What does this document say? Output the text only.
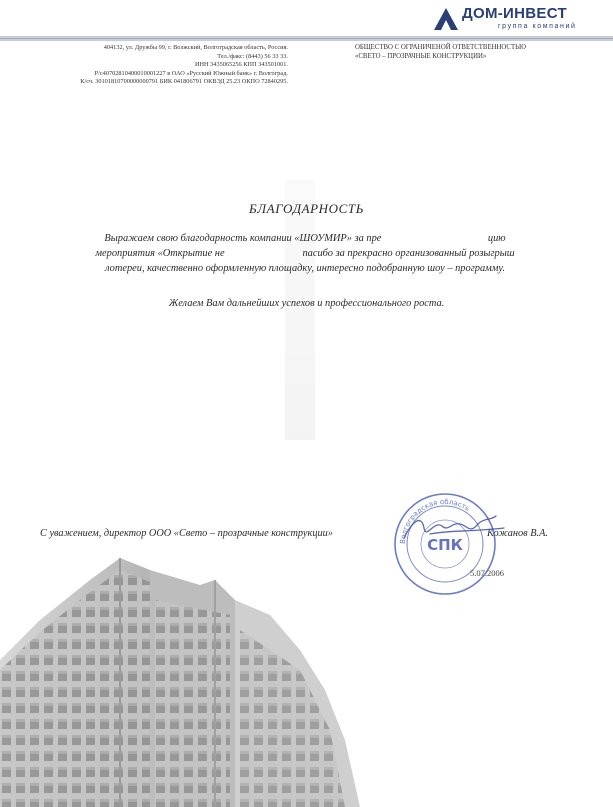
ДОМ-ИНВЕСТ
группа компаний
404132, ул. Дружбы 99, г. Волжский, Волгоградская область, Россия.
Тел./факс: (8443) 56 33 33.
ИНН 3435065256 КПП 343501001.
Р/с40702810400010001227 в ОАО «Русский Южный банк» г. Волгоград.
К/сч. 30101810700000000791 БИК 041806791 ОКВЭД 25.23 ОКПО 72840295.
ОБЩЕСТВО С ОГРАНИЧЕНОЙ ОТВЕТСТВЕННОСТЬЮ
«СВЕТО – ПРОЗРАЧНЫЕ КОНСТРУКЦИИ»
БЛАГОДАРНОСТЬ
Выражаем свою благодарность компании «ШОУМИР» за пре                                         цию
мероприятия «Открытие не                              пасибо за прекрасно организованный розыгрыш
лотереи, качественно оформленную площадку, интересно подобранную шоу – программу.
Желаем Вам дальнейших успехов и профессионального роста.
С уважением, директор ООО «Свето – прозрачные конструкции»	Кожанов В.А.
Волгоградская область
СПК
5.07.2006
